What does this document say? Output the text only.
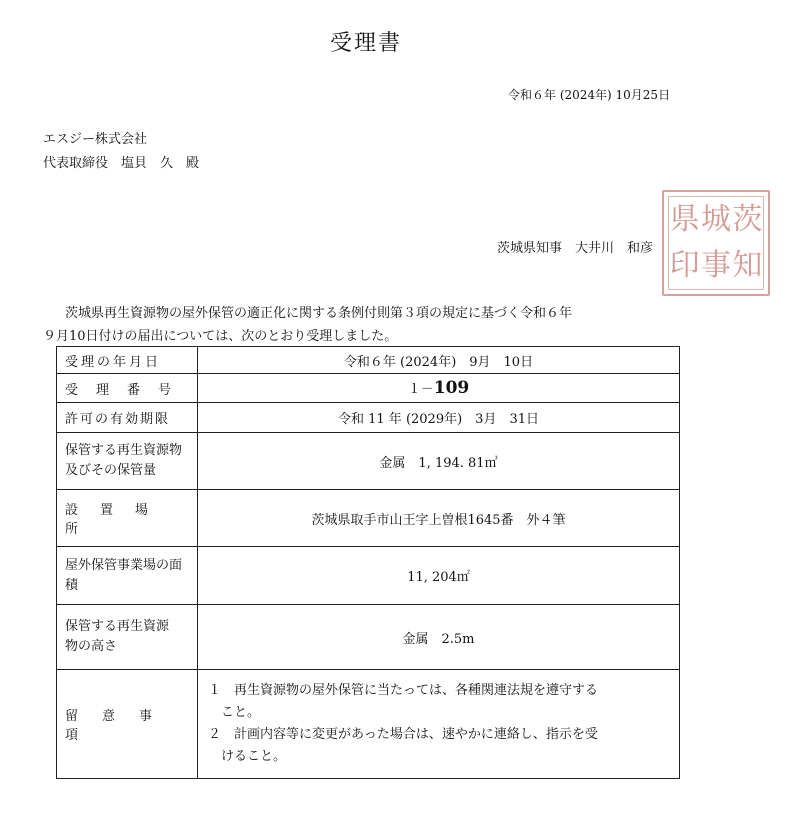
受理書
令和６年 (2024年) 10月25日
エスジー株式会社
代表取締役　塩貝　久　殿
茨城県知事　大井川　和彦
県 城 茨
印 事 知
茨城県再生資源物の屋外保管の適正化に関する条例付則第３項の規定に基づく令和６年
９月10日付けの届出については、次のとおり受理しました。
受理の年月日	令和６年 (2024年)　9月　10日
受理番号	１－109
許可の有効期限	令和 11 年 (2029年)　3月　31日
保管する再生資源物
及びその保管量	金属　1, 194. 81㎥
設置場所	茨城県取手市山王字上曽根1645番　外４筆
屋外保管事業場の面
積	11, 204㎡
保管する再生資源
物の高さ	金属　2.5m
留意事項	１　再生資源物の屋外保管に当たっては、各種関連法規を遵守する
　こと。
２　計画内容等に変更があった場合は、速やかに連絡し、指示を受
　けること。
